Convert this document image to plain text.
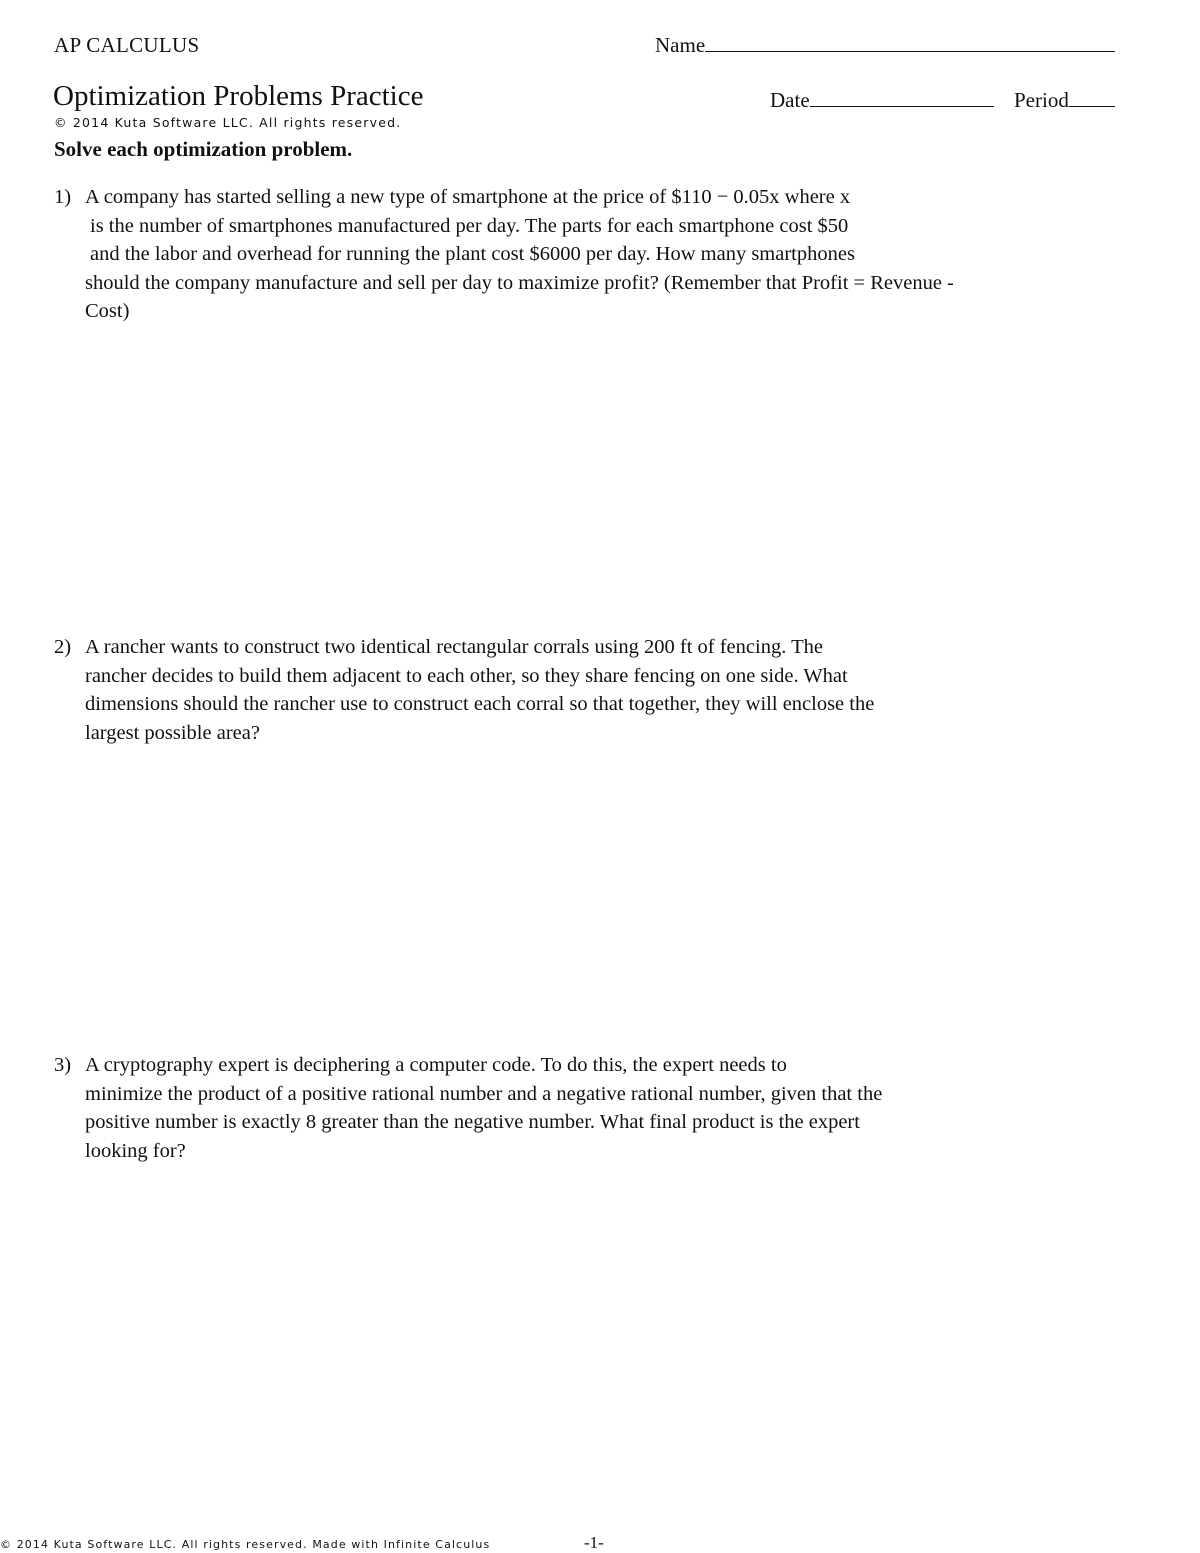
AP CALCULUS	Name
Optimization Problems Practice	Date	Period
© 2014 Kuta Software LLC. All rights reserved.
Solve each optimization problem.
1) A company has started selling a new type of smartphone at the price of $110 − 0.05x where x
is the number of smartphones manufactured per day. The parts for each smartphone cost $50
and the labor and overhead for running the plant cost $6000 per day. How many smartphones
should the company manufacture and sell per day to maximize profit? (Remember that Profit = Revenue -
Cost)
2) A rancher wants to construct two identical rectangular corrals using 200 ft of fencing. The
rancher decides to build them adjacent to each other, so they share fencing on one side. What
dimensions should the rancher use to construct each corral so that together, they will enclose the
largest possible area?
3) A cryptography expert is deciphering a computer code. To do this, the expert needs to
minimize the product of a positive rational number and a negative rational number, given that the
positive number is exactly 8 greater than the negative number. What final product is the expert
looking for?
© 2014 Kuta Software LLC. All rights reserved. Made with Infinite Calculus	-1-
